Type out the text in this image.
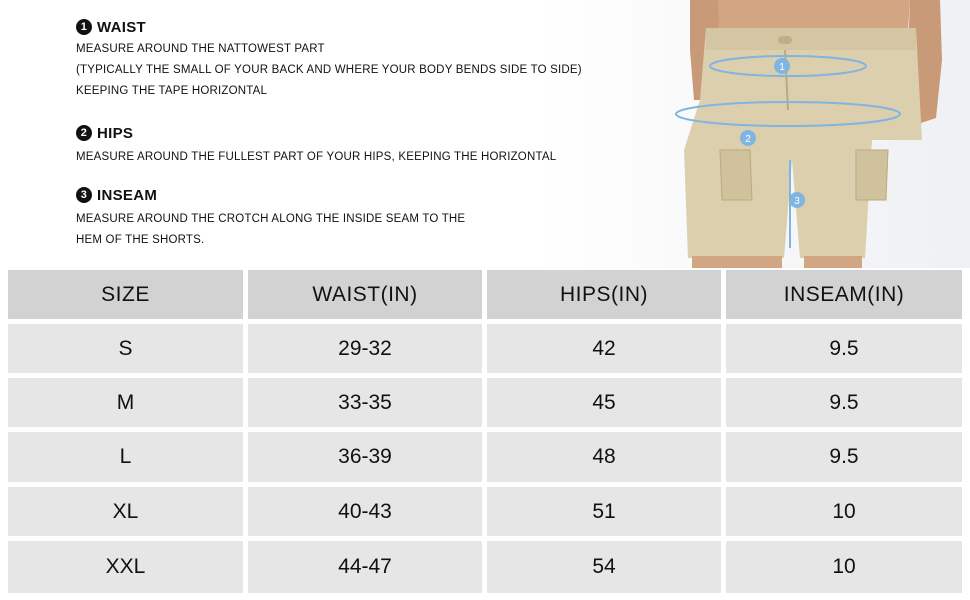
1 WAIST

MEASURE AROUND THE NATTOWEST PART

(TYPICALLY THE SMALL OF YOUR BACK AND WHERE YOUR BODY BENDS SIDE TO SIDE)

KEEPING THE TAPE HORIZONTAL

2 HIPS

MEASURE AROUND THE FULLEST PART OF YOUR HIPS, KEEPING THE HORIZONTAL

3 INSEAM

MEASURE AROUND THE CROTCH ALONG THE INSIDE SEAM TO THE

HEM OF THE SHORTS.

1
2
3
SIZE	WAIST(IN)	HIPS(IN)	INSEAM(IN)
S	29-32	42	9.5
M	33-35	45	9.5
L	36-39	48	9.5
XL	40-43	51	10
XXL	44-47	54	10
